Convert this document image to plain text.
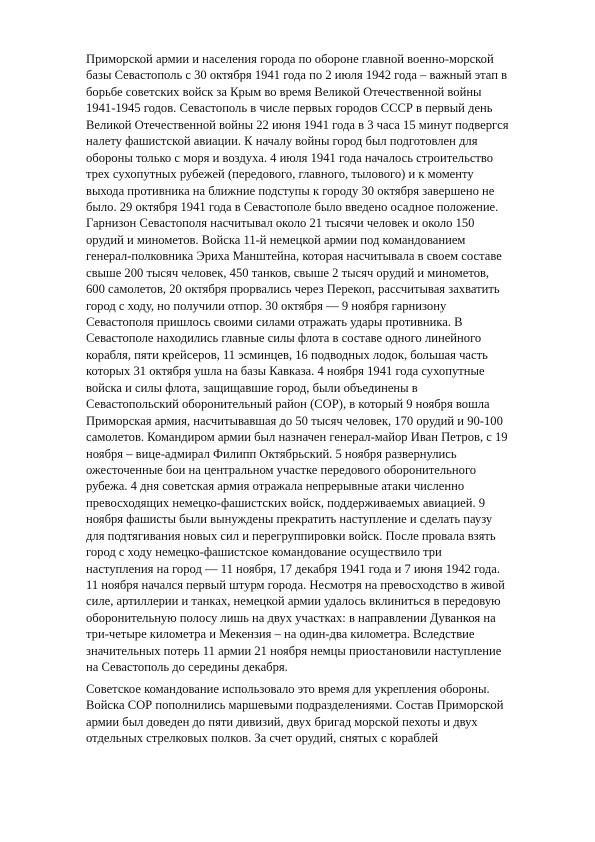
Приморской армии и населения города по обороне главной военно-морской
базы Севастополь с 30 октября 1941 года по 2 июля 1942 года – важный этап в
борьбе советских войск за Крым во время Великой Отечественной войны
1941-1945 годов. Севастополь в числе первых городов СССР в первый день
Великой Отечественной войны 22 июня 1941 года в 3 часа 15 минут подвергся
налету фашистской авиации. К началу войны город был подготовлен для
обороны только с моря и воздуха. 4 июля 1941 года началось строительство
трех сухопутных рубежей (передового, главного, тылового) и к моменту
выхода противника на ближние подступы к городу 30 октября завершено не
было. 29 октября 1941 года в Севастополе было введено осадное положение.
Гарнизон Севастополя насчитывал около 21 тысячи человек и около 150
орудий и минометов. Войска 11-й немецкой армии под командованием
генерал-полковника Эриха Манштейна, которая насчитывала в своем составе
свыше 200 тысяч человек, 450 танков, свыше 2 тысяч орудий и минометов,
600 самолетов, 20 октября прорвались через Перекоп, рассчитывая захватить
город с ходу, но получили отпор. 30 октября — 9 ноября гарнизону
Севастополя пришлось своими силами отражать удары противника. В
Севастополе находились главные силы флота в составе одного линейного
корабля, пяти крейсеров, 11 эсминцев, 16 подводных лодок, большая часть
которых 31 октября ушла на базы Кавказа. 4 ноября 1941 года сухопутные
войска и силы флота, защищавшие город, были объединены в
Севастопольский оборонительный район (СОР), в который 9 ноября вошла
Приморская армия, насчитывавшая до 50 тысяч человек, 170 орудий и 90-100
самолетов. Командиром армии был назначен генерал-майор Иван Петров, с 19
ноября – вице-адмирал Филипп Октябрьский. 5 ноября развернулись
ожесточенные бои на центральном участке передового оборонительного
рубежа. 4 дня советская армия отражала непрерывные атаки численно
превосходящих немецко-фашистских войск, поддерживаемых авиацией. 9
ноября фашисты были вынуждены прекратить наступление и сделать паузу
для подтягивания новых сил и перегруппировки войск. После провала взять
город с ходу немецко-фашистское командование осуществило три
наступления на город — 11 ноября, 17 декабря 1941 года и 7 июня 1942 года.
11 ноября начался первый штурм города. Несмотря на превосходство в живой
силе, артиллерии и танках, немецкой армии удалось вклиниться в передовую
оборонительную полосу лишь на двух участках: в направлении Дуванкоя на
три-четыре километра и Мекензия – на один-два километра. Вследствие
значительных потерь 11 армии 21 ноября немцы приостановили наступление
на Севастополь до середины декабря.
Советское командование использовало это время для укрепления обороны.
Войска СОР пополнились маршевыми подразделениями. Состав Приморской
армии был доведен до пяти дивизий, двух бригад морской пехоты и двух
отдельных стрелковых полков. За счет орудий, снятых с кораблей
